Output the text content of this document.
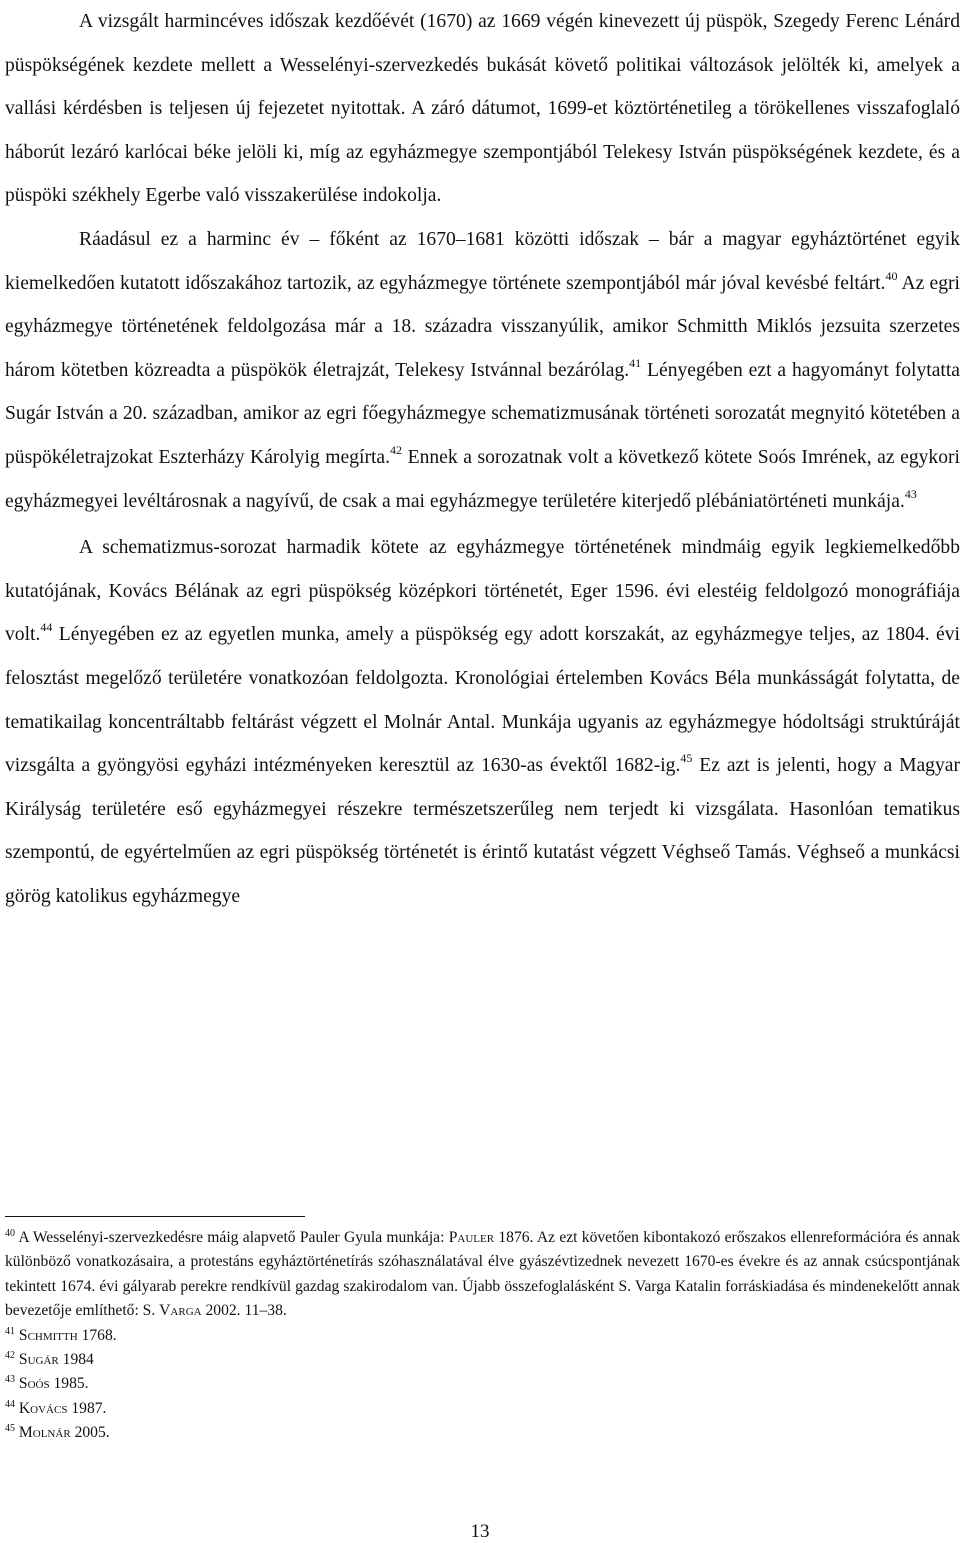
A vizsgált harmincéves időszak kezdőévét (1670) az 1669 végén kinevezett új püspök, Szegedy Ferenc Lénárd püspökségének kezdete mellett a Wesselényi-szervezkedés bukását követő politikai változások jelölték ki, amelyek a vallási kérdésben is teljesen új fejezetet nyitottak. A záró dátumot, 1699-et köztörténetileg a törökellenes visszafoglaló háborút lezáró karlócai béke jelöli ki, míg az egyházmegye szempontjából Telekesy István püspökségének kezdete, és a püspöki székhely Egerbe való visszakerülése indokolja.

Ráadásul ez a harminc év – főként az 1670–1681 közötti időszak – bár a magyar egyháztörténet egyik kiemelkedően kutatott időszakához tartozik, az egyházmegye története szempontjából már jóval kevésbé feltárt.$^{40}$ Az egri egyházmegye történetének feldolgozása már a 18. századra visszanyúlik, amikor Schmitth Miklós jezsuita szerzetes három kötetben közreadta a püspökök életrajzát, Telekesy Istvánnal bezárólag.$^{41}$ Lényegében ezt a hagyományt folytatta Sugár István a 20. században, amikor az egri főegyházmegye schematizmusának történeti sorozatát megnyitó kötetében a püspökéletrajzokat Eszterházy Károlyig megírta.$^{42}$ Ennek a sorozatnak volt a következő kötete Soós Imrének, az egykori egyházmegyei levéltárosnak a nagyívű, de csak a mai egyházmegye területére kiterjedő plébániatörténeti munkája.$^{43}$

A schematizmus-sorozat harmadik kötete az egyházmegye történetének mindmáig egyik legkiemelkedőbb kutatójának, Kovács Bélának az egri püspökség középkori történetét, Eger 1596. évi elestéig feldolgozó monográfiája volt.$^{44}$ Lényegében ez az egyetlen munka, amely a püspökség egy adott korszakát, az egyházmegye teljes, az 1804. évi felosztást megelőző területére vonatkozóan feldolgozta. Kronológiai értelemben Kovács Béla munkásságát folytatta, de tematikailag koncentráltabb feltárást végzett el Molnár Antal. Munkája ugyanis az egyházmegye hódoltsági struktúráját vizsgálta a gyöngyösi egyházi intézményeken keresztül az 1630-as évektől 1682-ig.$^{45}$ Ez azt is jelenti, hogy a Magyar Királyság területére eső egyházmegyei részekre természetszerűleg nem terjedt ki vizsgálata. Hasonlóan tematikus szempontú, de egyértelműen az egri püspökség történetét is érintő kutatást végzett Véghseő Tamás. Véghseő a munkácsi görög katolikus egyházmegye

$^{40}$ A Wesselényi-szervezkedésre máig alapvető Pauler Gyula munkája: Pauler 1876. Az ezt követően kibontakozó erőszakos ellenreformációra és annak különböző vonatkozásaira, a protestáns egyháztörténetírás szóhasználatával élve gyászévtizednek nevezett 1670-es évekre és az annak csúcspontjának tekintett 1674. évi gályarab perekre rendkívül gazdag szakirodalom van. Újabb összefoglalásként S. Varga Katalin forráskiadása és mindenekelőtt annak bevezetője említhető: S. Varga 2002. 11–38.

$^{41}$ Schmitth 1768.

$^{42}$ Sugár 1984

$^{43}$ Soós 1985.

$^{44}$ Kovács 1987.

$^{45}$ Molnár 2005.

13
